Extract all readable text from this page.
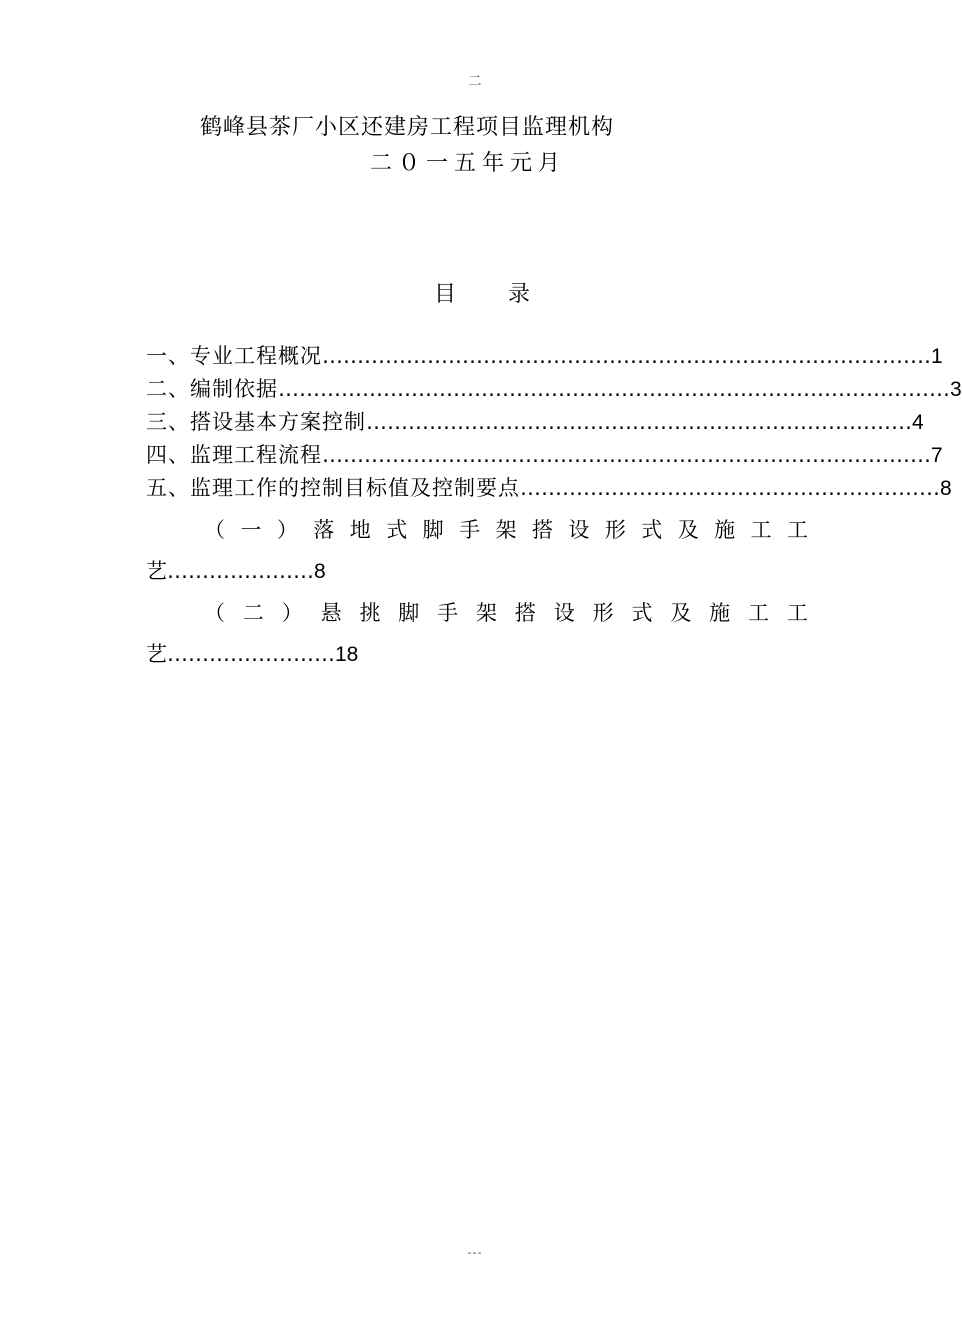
二
鹤峰县茶厂小区还建房工程项目监理机构
二０一五年元月
目录
一、专业工程概况 …………………………………………………………………………… 1
二、编制依据 …………………………………………………………………………………… 3
三、搭设基本方案控制 …………………………………………………………………… 4
四、监理工程流程 …………………………………………………………………………… 7
五、监理工作的控制目标值及控制要点 …………………………………………………… 8
（ 一 ） 落 地 式 脚 手 架 搭 设 形 式 及 施 工 工
艺…………………8
（ 二 ） 悬 挑 脚 手 架 搭 设 形 式 及 施 工 工
艺……………………18
---
